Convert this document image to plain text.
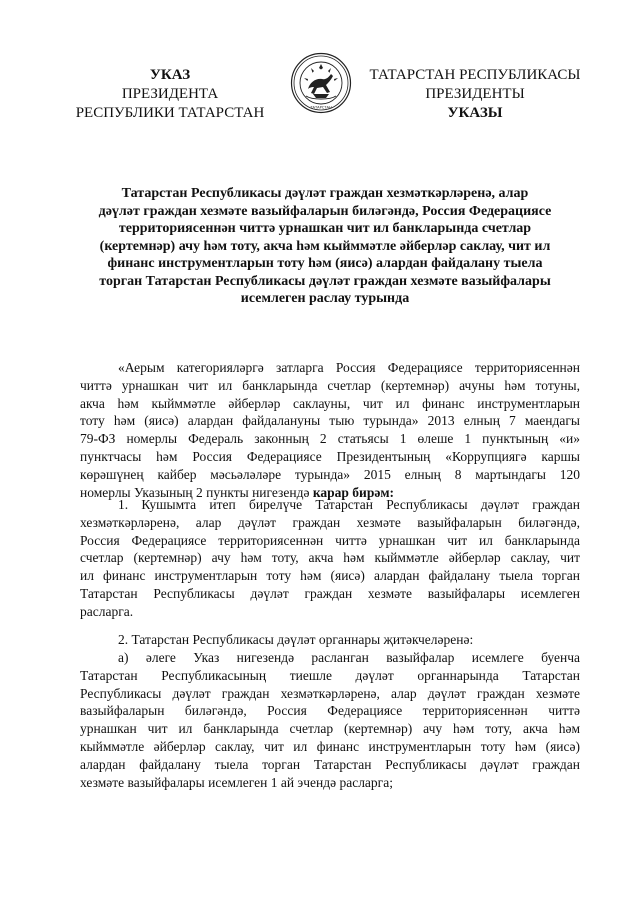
УКАЗ
ПРЕЗИДЕНТА
РЕСПУБЛИКИ ТАТАРСТАН	ТАТАРСТАН
ТАТАРСТАН РЕСПУБЛИКАСЫ
ПРЕЗИДЕНТЫ
УКАЗЫ
Татарстан Республикасы дәүләт граждан хезмәткәрләренә, алар
дәүләт граждан хезмәте вазыйфаларын биләгәндә, Россия Федерациясе
территориясеннән читтә урнашкан чит ил банкларында счетлар
(кертемнәр) ачу һәм тоту, акча һәм кыйммәтле әйберләр саклау, чит ил
финанс инструментларын тоту һәм (яисә) алардан файдалану тыела
торган Татарстан Республикасы дәүләт граждан хезмәте вазыйфалары
исемлеген раслау турында
«Аерым категорияләргә затларга Россия Федерациясе территориясеннән
читтә урнашкан чит ил банкларында счетлар (кертемнәр) ачуны һәм тотуны,
акча һәм кыйммәтле әйберләр саклауны, чит ил финанс инструментларын
тоту һәм (яисә) алардан файдалануны тыю турында» 2013 елның 7 маендагы
79-ФЗ номерлы Федераль законның 2 статьясы 1 өлеше 1 пунктының «и»
пунктчасы һәм Россия Федерациясе Президентының «Коррупциягә каршы
көрәшүнең кайбер мәсьәләләре турында» 2015 елның 8 мартындагы 120
номерлы Указының 2 пункты нигезендә карар бирәм:
1. Кушымта итеп бирелүче Татарстан Республикасы дәүләт граждан
хезмәткәрләренә, алар дәүләт граждан хезмәте вазыйфаларын биләгәндә,
Россия Федерациясе территориясеннән читтә урнашкан чит ил банкларында
счетлар (кертемнәр) ачу һәм тоту, акча һәм кыйммәтле әйберләр саклау, чит
ил финанс инструментларын тоту һәм (яисә) алардан файдалану тыела торган
Татарстан Республикасы дәүләт граждан хезмәте вазыйфалары исемлеген
расларга.
2. Татарстан Республикасы дәүләт органнары җитәкчеләренә:
а) әлеге Указ нигезендә расланган вазыйфалар исемлеге буенча
Татарстан Республикасының тиешле дәүләт органнарында Татарстан
Республикасы дәүләт граждан хезмәткәрләренә, алар дәүләт граждан хезмәте
вазыйфаларын биләгәндә, Россия Федерациясе территориясеннән читтә
урнашкан чит ил банкларында счетлар (кертемнәр) ачу һәм тоту, акча һәм
кыйммәтле әйберләр саклау, чит ил финанс инструментларын тоту һәм (яисә)
алардан файдалану тыела торган Татарстан Республикасы дәүләт граждан
хезмәте вазыйфалары исемлеген 1 ай эчендә расларга;
